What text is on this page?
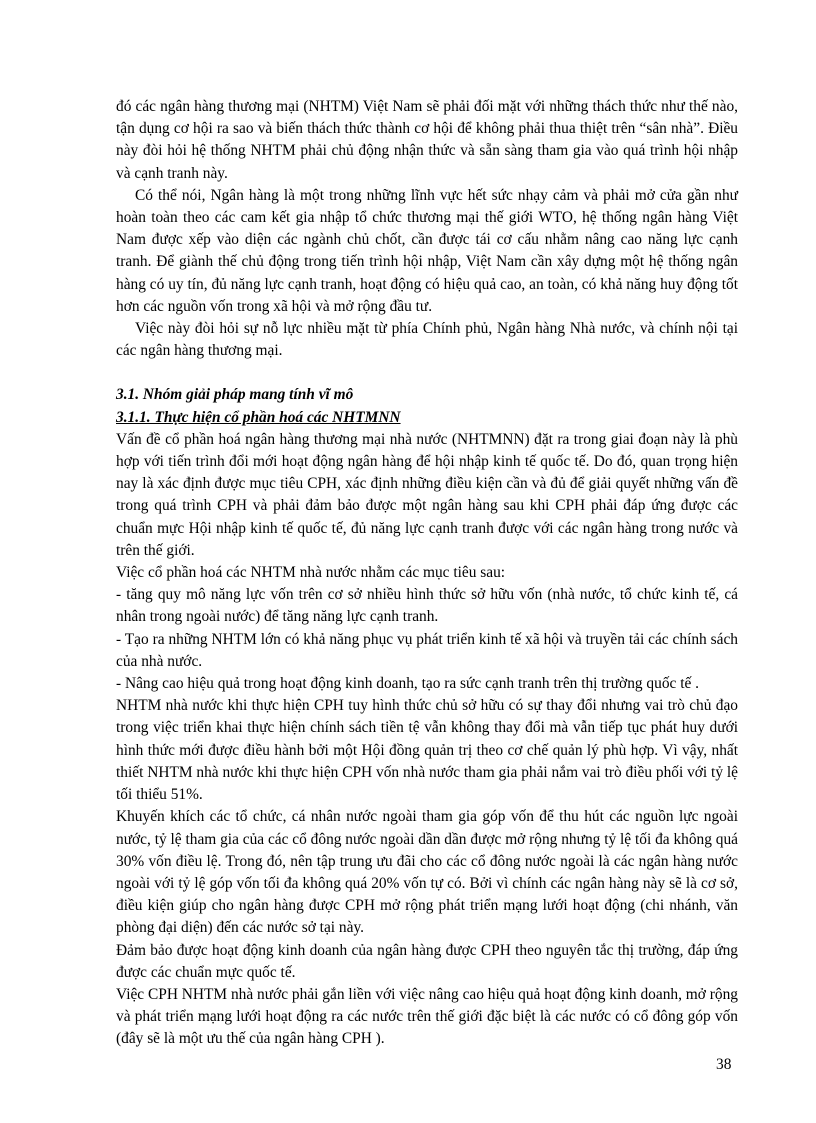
đó các ngân hàng thương mại (NHTM) Việt Nam sẽ phải đối mặt với những thách thức như thế nào, tận dụng cơ hội ra sao và biến thách thức thành cơ hội để không phải thua thiệt trên “sân nhà”. Điều này đòi hỏi hệ thống NHTM phải chủ động nhận thức và sẵn sàng tham gia vào quá trình hội nhập và cạnh tranh này.

Có thể nói, Ngân hàng là một trong những lĩnh vực hết sức nhạy cảm và phải mở cửa gần như hoàn toàn theo các cam kết gia nhập tổ chức thương mại thế giới WTO, hệ thống ngân hàng Việt Nam được xếp vào diện các ngành chủ chốt, cần được tái cơ cấu nhằm nâng cao năng lực cạnh tranh. Để giành thế chủ động trong tiến trình hội nhập, Việt Nam cần xây dựng một hệ thống ngân hàng có uy tín, đủ năng lực cạnh tranh, hoạt động có hiệu quả cao, an toàn, có khả năng huy động tốt hơn các nguồn vốn trong xã hội và mở rộng đầu tư.

Việc này đòi hỏi sự nỗ lực nhiều mặt từ phía Chính phủ, Ngân hàng Nhà nước, và chính nội tại các ngân hàng thương mại.

3.1. Nhóm giải pháp mang tính vĩ mô

3.1.1. Thực hiện cổ phần hoá các NHTMNN

Vấn đề cổ phần hoá ngân hàng thương mại nhà nước (NHTMNN) đặt ra trong giai đoạn này là phù hợp với tiến trình đổi mới hoạt động ngân hàng để hội nhập kinh tế quốc tế. Do đó, quan trọng hiện nay là xác định được mục tiêu CPH, xác định những điều kiện cần và đủ để giải quyết những vấn đề trong quá trình CPH và phải đảm bảo được một ngân hàng sau khi CPH phải đáp ứng được các chuẩn mực Hội nhập kinh tế quốc tế, đủ năng lực cạnh tranh được với các ngân hàng trong nước và trên thế giới.

Việc cổ phần hoá các NHTM nhà nước nhằm các mục tiêu sau:

- tăng quy mô năng lực vốn trên cơ sở nhiều hình thức sở hữu vốn (nhà nước, tổ chức kinh tế, cá nhân trong ngoài nước) để tăng năng lực cạnh tranh.

- Tạo ra những NHTM lớn có khả năng phục vụ phát triển kinh tế xã hội và truyền tải các chính sách của nhà nước.

- Nâng cao hiệu quả trong hoạt động kinh doanh, tạo ra sức cạnh tranh trên thị trường quốc tế .

NHTM nhà nước khi thực hiện CPH tuy hình thức chủ sở hữu có sự thay đổi nhưng vai trò chủ đạo trong việc triển khai thực hiện chính sách tiền tệ vẫn không thay đổi mà vẫn tiếp tục phát huy dưới hình thức mới được điều hành bởi một Hội đồng quản trị theo cơ chế quản lý phù hợp. Vì vậy, nhất thiết NHTM nhà nước khi thực hiện CPH vốn nhà nước tham gia phải nắm vai trò điều phối với tỷ lệ tối thiểu 51%.

Khuyến khích các tổ chức, cá nhân nước ngoài tham gia góp vốn để thu hút các nguồn lực ngoài nước, tỷ lệ tham gia của các cổ đông nước ngoài dần dần được mở rộng nhưng tỷ lệ tối đa không quá 30% vốn điều lệ. Trong đó, nên tập trung ưu đãi cho các cổ đông nước ngoài là các ngân hàng nước ngoài với tỷ lệ góp vốn tối đa không quá 20% vốn tự có. Bởi vì chính các ngân hàng này sẽ là cơ sở, điều kiện giúp cho ngân hàng được CPH mở rộng phát triển mạng lưới hoạt động (chi nhánh, văn phòng đại diện) đến các nước sở tại này.

Đảm bảo được hoạt động kinh doanh của ngân hàng được CPH theo nguyên tắc thị trường, đáp ứng được các chuẩn mực quốc tế.

Việc CPH NHTM nhà nước phải gắn liền với việc nâng cao hiệu quả hoạt động kinh doanh, mở rộng và phát triển mạng lưới hoạt động ra các nước trên thế giới đặc biệt là các nước có cổ đông góp vốn (đây sẽ là một ưu thế của ngân hàng CPH ).

38
